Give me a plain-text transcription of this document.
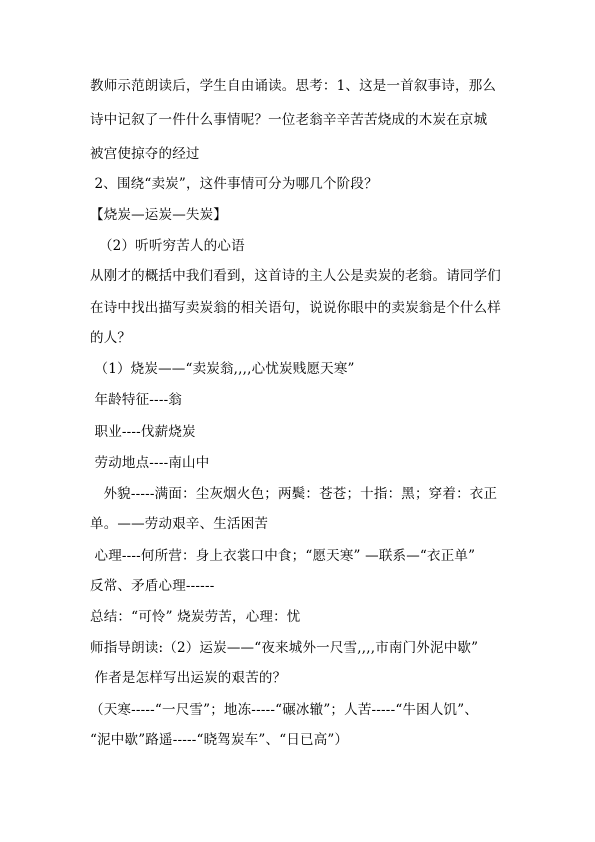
教师示范朗读后，学生自由诵读。思考：1、这是一首叙事诗，那么
诗中记叙了一件什么事情呢？一位老翁辛辛苦苦烧成的木炭在京城
被宫使掠夺的经过
2、围绕“卖炭”，这件事情可分为哪几个阶段？
【烧炭—运炭—失炭】
（2）听听穷苦人的心语
从刚才的概括中我们看到，这首诗的主人公是卖炭的老翁。请同学们
在诗中找出描写卖炭翁的相关语句，说说你眼中的卖炭翁是个什么样
的人？
（1）烧炭——“卖炭翁,,,,心忧炭贱愿天寒”
年龄特征----翁
职业----伐薪烧炭
劳动地点----南山中
外貌-----满面：尘灰烟火色；两鬓：苍苍；十指：黑；穿着：衣正
单。——劳动艰辛、生活困苦
心理----何所营：身上衣裳口中食；“愿天寒” —联系—“衣正单”
反常、矛盾心理------
总结：“可怜” 烧炭劳苦，心理：忧
师指导朗读:（2）运炭——“夜来城外一尺雪,,,,市南门外泥中歇”
作者是怎样写出运炭的艰苦的？
（天寒-----“一尺雪”；地冻-----“碾冰辙”；人苦-----“牛困人饥”、
“泥中歇”路遥-----“晓驾炭车”、“日已高”）
